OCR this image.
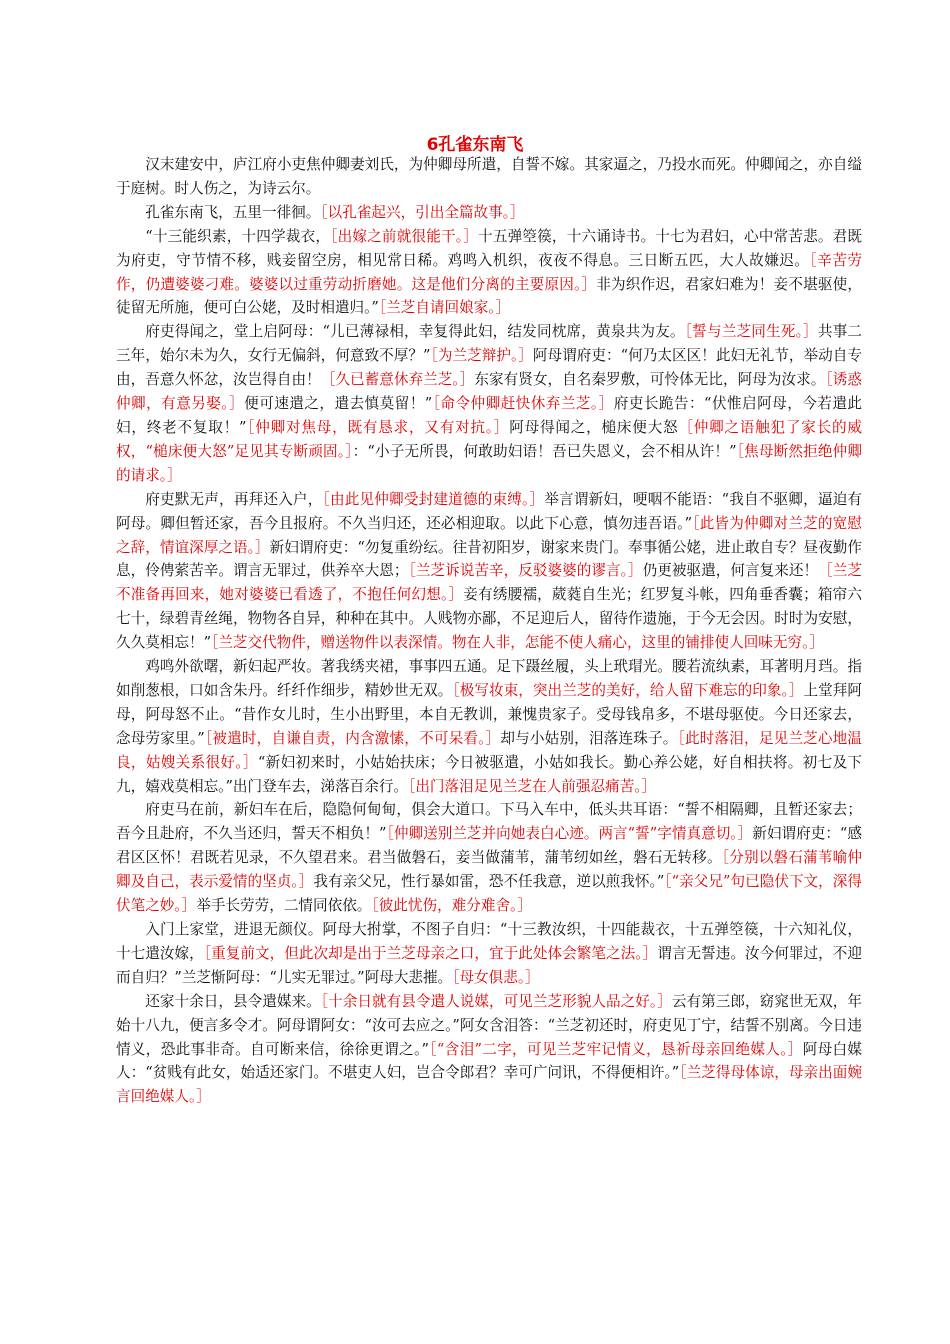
6孔雀东南飞

汉末建安中，庐江府小吏焦仲卿妻刘氏，为仲卿母所遣，自誓不嫁。其家逼之，乃投水而死。仲卿闻之，亦自缢于庭树。时人伤之，为诗云尔。

孔雀东南飞，五里一徘徊。［以孔雀起兴，引出全篇故事。］

“十三能织素，十四学裁衣，［出嫁之前就很能干。］十五弹箜篌，十六诵诗书。十七为君妇，心中常苦悲。君既为府吏，守节情不移，贱妾留空房，相见常日稀。鸡鸣入机织，夜夜不得息。三日断五匹，大人故嫌迟。［辛苦劳作，仍遭婆婆刁难。婆婆以过重劳动折磨她。这是他们分离的主要原因。］非为织作迟，君家妇难为！妾不堪驱使，徒留无所施，便可白公姥，及时相遣归。”［兰芝自请回娘家。］

府吏得闻之，堂上启阿母：“儿已薄禄相，幸复得此妇，结发同枕席，黄泉共为友。［誓与兰芝同生死。］共事二三年，始尔未为久，女行无偏斜，何意致不厚？”［为兰芝辩护。］阿母谓府吏：“何乃太区区！此妇无礼节，举动自专由，吾意久怀忿，汝岂得自由！［久已蓄意休弃兰芝。］东家有贤女，自名秦罗敷，可怜体无比，阿母为汝求。［诱惑仲卿，有意另娶。］便可速遣之，遣去慎莫留！”［命令仲卿赶快休弃兰芝。］府吏长跪告：“伏惟启阿母，今若遣此妇，终老不复取！”［仲卿对焦母，既有恳求，又有对抗。］阿母得闻之，槌床便大怒［仲卿之语触犯了家长的威权，“槌床便大怒”足见其专断顽固。］：“小子无所畏，何敢助妇语！吾已失恩义，会不相从许！”［焦母断然拒绝仲卿的请求。］

府吏默无声，再拜还入户，［由此见仲卿受封建道德的束缚。］举言谓新妇，哽咽不能语：“我自不驱卿，逼迫有阿母。卿但暂还家，吾今且报府。不久当归还，还必相迎取。以此下心意，慎勿违吾语。”［此皆为仲卿对兰芝的宽慰之辞，情谊深厚之语。］新妇谓府吏：“勿复重纷纭。往昔初阳岁，谢家来贵门。奉事循公姥，进止敢自专？昼夜勤作息，伶俜萦苦辛。谓言无罪过，供养卒大恩；［兰芝诉说苦辛，反驳婆婆的谬言。］仍更被驱遣，何言复来还！［兰芝不准备再回来，她对婆婆已看透了，不抱任何幻想。］妾有绣腰襦，葳蕤自生光；红罗复斗帐，四角垂香囊；箱帘六七十，绿碧青丝绳，物物各自异，种种在其中。人贱物亦鄙，不足迎后人，留待作遗施，于今无会因。时时为安慰，久久莫相忘！”［兰芝交代物件，赠送物件以表深情。物在人非，怎能不使人痛心，这里的铺排使人回味无穷。］

鸡鸣外欲曙，新妇起严妆。著我绣夹裙，事事四五通。足下蹑丝履，头上玳瑁光。腰若流纨素，耳著明月珰。指如削葱根，口如含朱丹。纤纤作细步，精妙世无双。［极写妆束，突出兰芝的美好，给人留下难忘的印象。］上堂拜阿母，阿母怒不止。“昔作女儿时，生小出野里，本自无教训，兼愧贵家子。受母钱帛多，不堪母驱使。今日还家去，念母劳家里。”［被遣时，自谦自责，内含激愫，不可呆看。］却与小姑别，泪落连珠子。［此时落泪，足见兰芝心地温良，姑嫂关系很好。］“新妇初来时，小姑始扶床；今日被驱遣，小姑如我长。勤心养公姥，好自相扶将。初七及下九，嬉戏莫相忘。”出门登车去，涕落百余行。［出门落泪足见兰芝在人前强忍痛苦。］

府吏马在前，新妇车在后，隐隐何甸甸，俱会大道口。下马入车中，低头共耳语：“誓不相隔卿，且暂还家去；吾今且赴府，不久当还归，誓天不相负！”［仲卿送别兰芝并向她表白心迹。两言“誓”字情真意切。］新妇谓府吏：“感君区区怀！君既若见录，不久望君来。君当做磐石，妾当做蒲苇，蒲苇纫如丝，磐石无转移。［分别以磐石蒲苇喻仲卿及自己，表示爱情的坚贞。］我有亲父兄，性行暴如雷，恐不任我意，逆以煎我怀。”［“亲父兄”句已隐伏下文，深得伏笔之妙。］举手长劳劳，二情同依依。［彼此忧伤，难分难舍。］

入门上家堂，进退无颜仪。阿母大拊掌，不图子自归：“十三教汝织，十四能裁衣，十五弹箜篌，十六知礼仪，十七遣汝嫁，［重复前文，但此次却是出于兰芝母亲之口，宜于此处体会繁笔之法。］谓言无誓违。汝今何罪过，不迎而自归？”兰芝惭阿母：“儿实无罪过。”阿母大悲摧。［母女俱悲。］

还家十余日，县令遣媒来。［十余日就有县令遣人说媒，可见兰芝形貌人品之好。］云有第三郎，窈窕世无双，年始十八九，便言多令才。阿母谓阿女：“汝可去应之。”阿女含泪答：“兰芝初还时，府吏见丁宁，结誓不别离。今日违情义，恐此事非奇。自可断来信，徐徐更谓之。”［“含泪”二字，可见兰芝牢记情义，恳祈母亲回绝媒人。］阿母白媒人：“贫贱有此女，始适还家门。不堪吏人妇，岂合令郎君？幸可广问讯，不得便相许。”［兰芝得母体谅，母亲出面婉言回绝媒人。］
